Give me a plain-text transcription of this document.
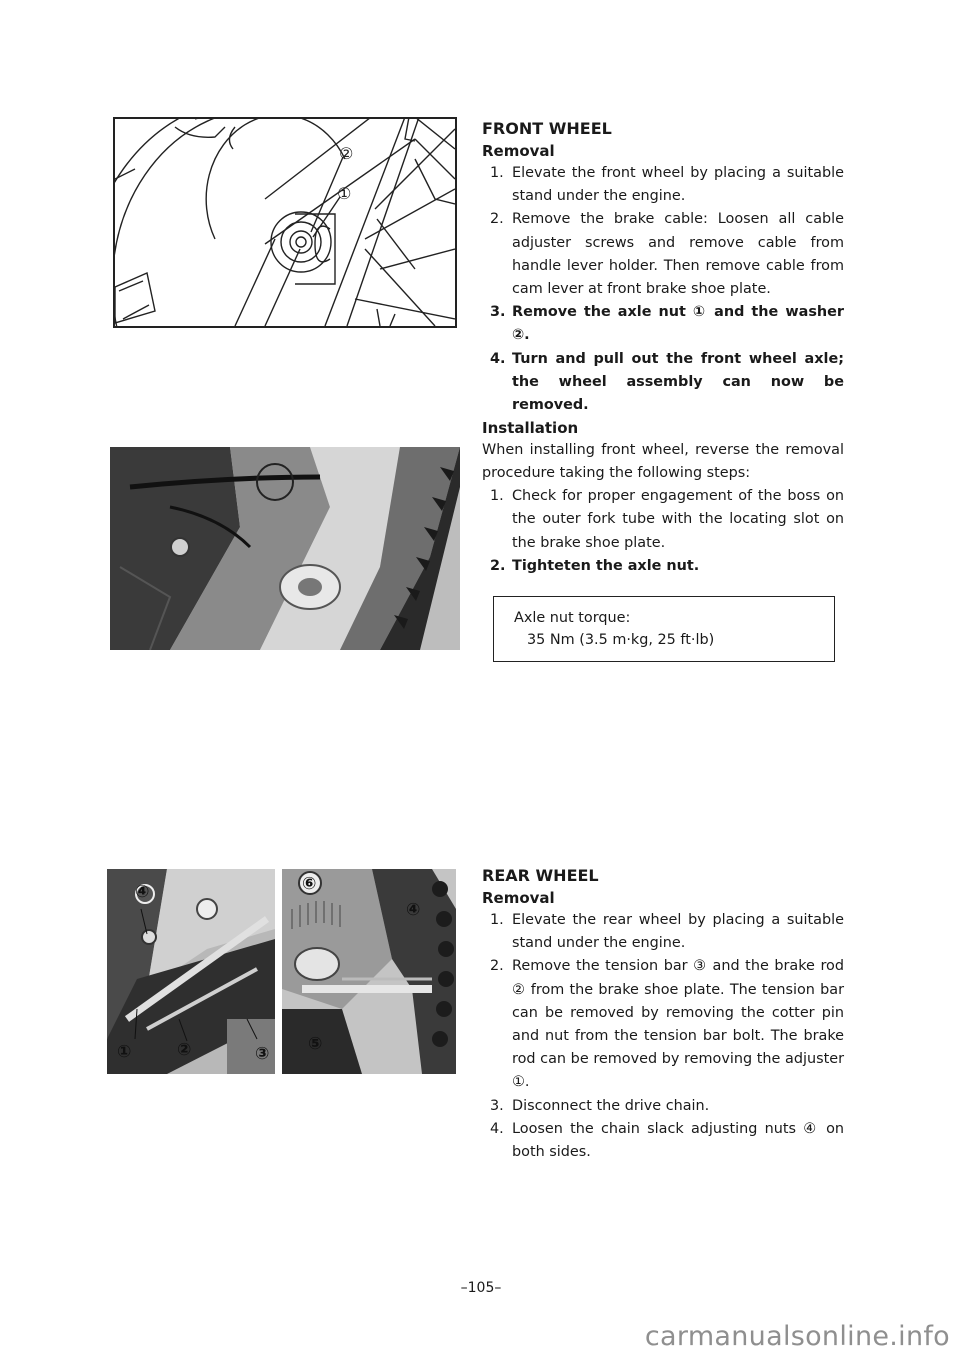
②
①
④
①	②	③
⑥
④
⑤
FRONT WHEEL
Removal
1. Elevate the front wheel by placing a suitable stand under the engine.
2. Remove the brake cable: Loosen all cable adjuster screws and remove cable from handle lever holder. Then remove cable from cam lever at front brake shoe plate.
3. Remove the axle nut ① and the washer ②.
4. Turn and pull out the front wheel axle; the wheel assembly can now be removed.
Installation

When installing front wheel, reverse the removal procedure taking the following steps:

1. Check for proper engagement of the boss on the outer fork tube with the locating slot on the brake shoe plate.
2. Tighteten the axle nut.
Axle nut torque:
35 Nm (3.5 m·kg, 25 ft·lb)
REAR WHEEL
Removal
1. Elevate the rear wheel by placing a suitable stand under the engine.
2. Remove the tension bar ③ and the brake rod ② from the brake shoe plate. The tension bar can be removed by removing the cotter pin and nut from the tension bar bolt. The brake rod can be removed by removing the adjuster ①.
3. Disconnect the drive chain.
4. Loosen the chain slack adjusting nuts ④ on both sides.
–105–
carmanualsonline.info
